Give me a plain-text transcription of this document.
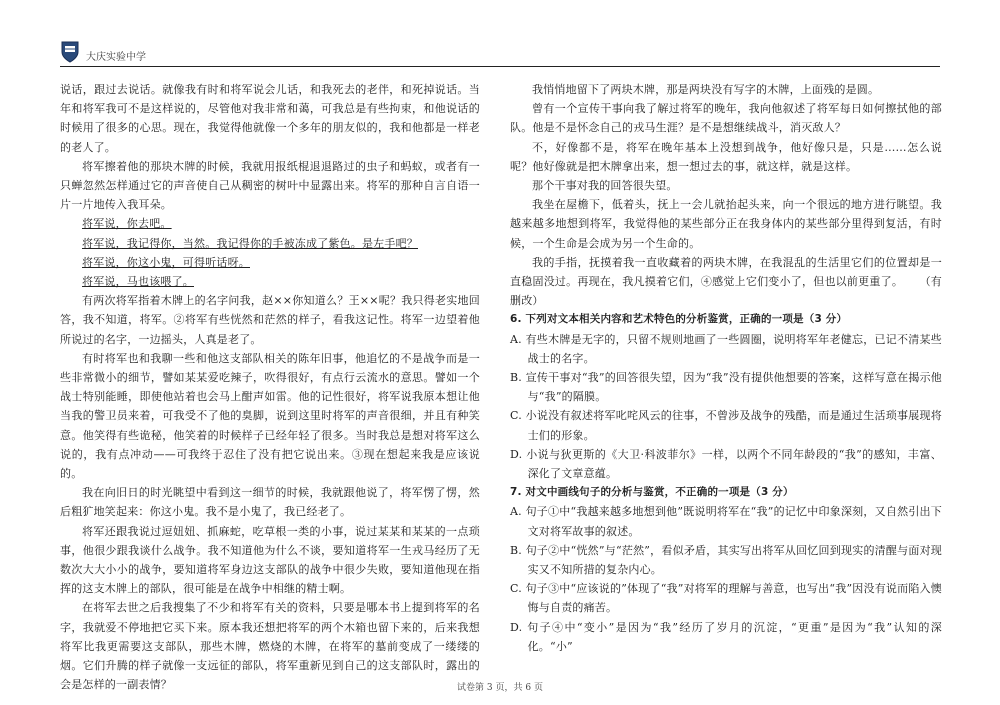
大庆实验中学

说话，跟过去说话。就像我有时和将军说会儿话，和我死去的老伴，和死掉说话。当年和将军我可不是这样说的，尽管他对我非常和蔼，可我总是有些拘束，和他说话的时候用了很多的心思。现在，我觉得他就像一个多年的朋友似的，我和他都是一样老的老人了。

将军擦着他的那块木牌的时候，我就用报纸棍退退路过的虫子和蚂蚁，或者有一只蝉忽然怎样通过它的声音使自己从稠密的树叶中显露出来。将军的那种自言自语一片一片地传入我耳朵。

将军说，你去吧。

将军说，我记得你，当然。我记得你的手被冻成了紫色。是左手吧？

将军说，你这小鬼，可得听话呀。

将军说，马也该喂了。

有两次将军指着木牌上的名字问我，赵××你知道么？王××呢？我只得老实地回答，我不知道，将军。②将军有些恍然和茫然的样子，看我这记性。将军一边望着他所说过的名字，一边摇头，人真是老了。

有时将军也和我聊一些和他这支部队相关的陈年旧事，他追忆的不是战争而是一些非常微小的细节，譬如某某爱吃辣子，吹得很好，有点行云流水的意思。譬如一个战士特别能睡，即使他站着也会马上酣声如雷。他的记性很好，将军说我原本想让他当我的警卫员来着，可我受不了他的臭脚，说到这里时将军的声音很细，并且有种笑意。他笑得有些诡秘，他笑着的时候样子已经年轻了很多。当时我总是想对将军这么说的，我有点冲动——可我终于忍住了没有把它说出来。③现在想起来我是应该说的。

我在向旧日的时光眺望中看到这一细节的时候，我就跟他说了，将军愣了愣，然后粗犷地笑起来：你这小鬼。我不是小鬼了，我已经老了。

将军还跟我说过逗妞妞、抓麻蛇，吃草根一类的小事，说过某某和某某的一点琐事，他很少跟我谈什么战争。我不知道他为什么不谈，要知道将军一生戎马经历了无数次大大小小的战争，要知道将军身边这支部队的战争中很少失败，要知道他现在指挥的这支木牌上的部队，很可能是在战争中相继的精士啊。

在将军去世之后我搜集了不少和将军有关的资料，只要是哪本书上提到将军的名字，我就爱不停地把它买下来。原本我还想把将军的两个木箱也留下来的，后来我想将军比我更需要这支部队，那些木牌，燃烧的木牌，在将军的墓前变成了一缕缕的烟。它们升腾的样子就像一支远征的部队，将军重新见到自己的这支部队时，露出的会是怎样的一副表情？

我悄悄地留下了两块木牌，那是两块没有写字的木牌，上面残的是圆。

曾有一个宣传干事向我了解过将军的晚年，我向他叙述了将军每日如何擦拭他的部队。他是不是怀念自己的戎马生涯？是不是想继续战斗，消灭敌人？

不，好像都不是，将军在晚年基本上没想到战争，他好像只是，只是……怎么说呢？他好像就是把木牌拿出来，想一想过去的事，就这样，就是这样。

那个干事对我的回答很失望。

我坐在屋檐下，低着头，抚上一会儿就抬起头来，向一个很远的地方进行眺望。我越来越多地想到将军，我觉得他的某些部分正在我身体内的某些部分里得到复活，有时候，一个生命是会成为另一个生命的。

我的手指，抚摸着我一直收藏着的两块木牌，在我混乱的生活里它们的位置却是一直稳固没过。再现在，我凡摸着它们，④感觉上它们变小了，但也以前更重了。 （有删改）

6. 下列对文本相关内容和艺术特色的分析鉴赏，正确的一项是（3 分）

A. 有些木牌是无字的，只留不规则地画了一些圆圈，说明将军年老健忘，已记不清某些战士的名字。

B. 宣传干事对“我”的回答很失望，因为“我”没有提供他想要的答案，这样写意在揭示他与“我”的隔膜。

C. 小说没有叙述将军叱咤风云的往事，不曾涉及战争的残酷，而是通过生活琐事展现将士们的形象。

D. 小说与狄更斯的《大卫·科波菲尔》一样，以两个不同年龄段的“我”的感知，丰富、深化了文章意蕴。

7. 对文中画线句子的分析与鉴赏，不正确的一项是（3 分）

A. 句子①中“我越来越多地想到他”既说明将军在“我”的记忆中印象深刻，又自然引出下文对将军故事的叙述。

B. 句子②中“恍然”与“茫然”，看似矛盾，其实写出将军从回忆回到现实的清醒与面对现实又不知所措的复杂内心。

C. 句子③中“应该说的”体现了“我”对将军的理解与善意，也写出“我”因没有说而陷入懊悔与自责的痛苦。

D. 句子④中“变小”是因为“我”经历了岁月的沉淀，“更重”是因为“我”认知的深化。“小”

试卷第 3 页，共 6 页
